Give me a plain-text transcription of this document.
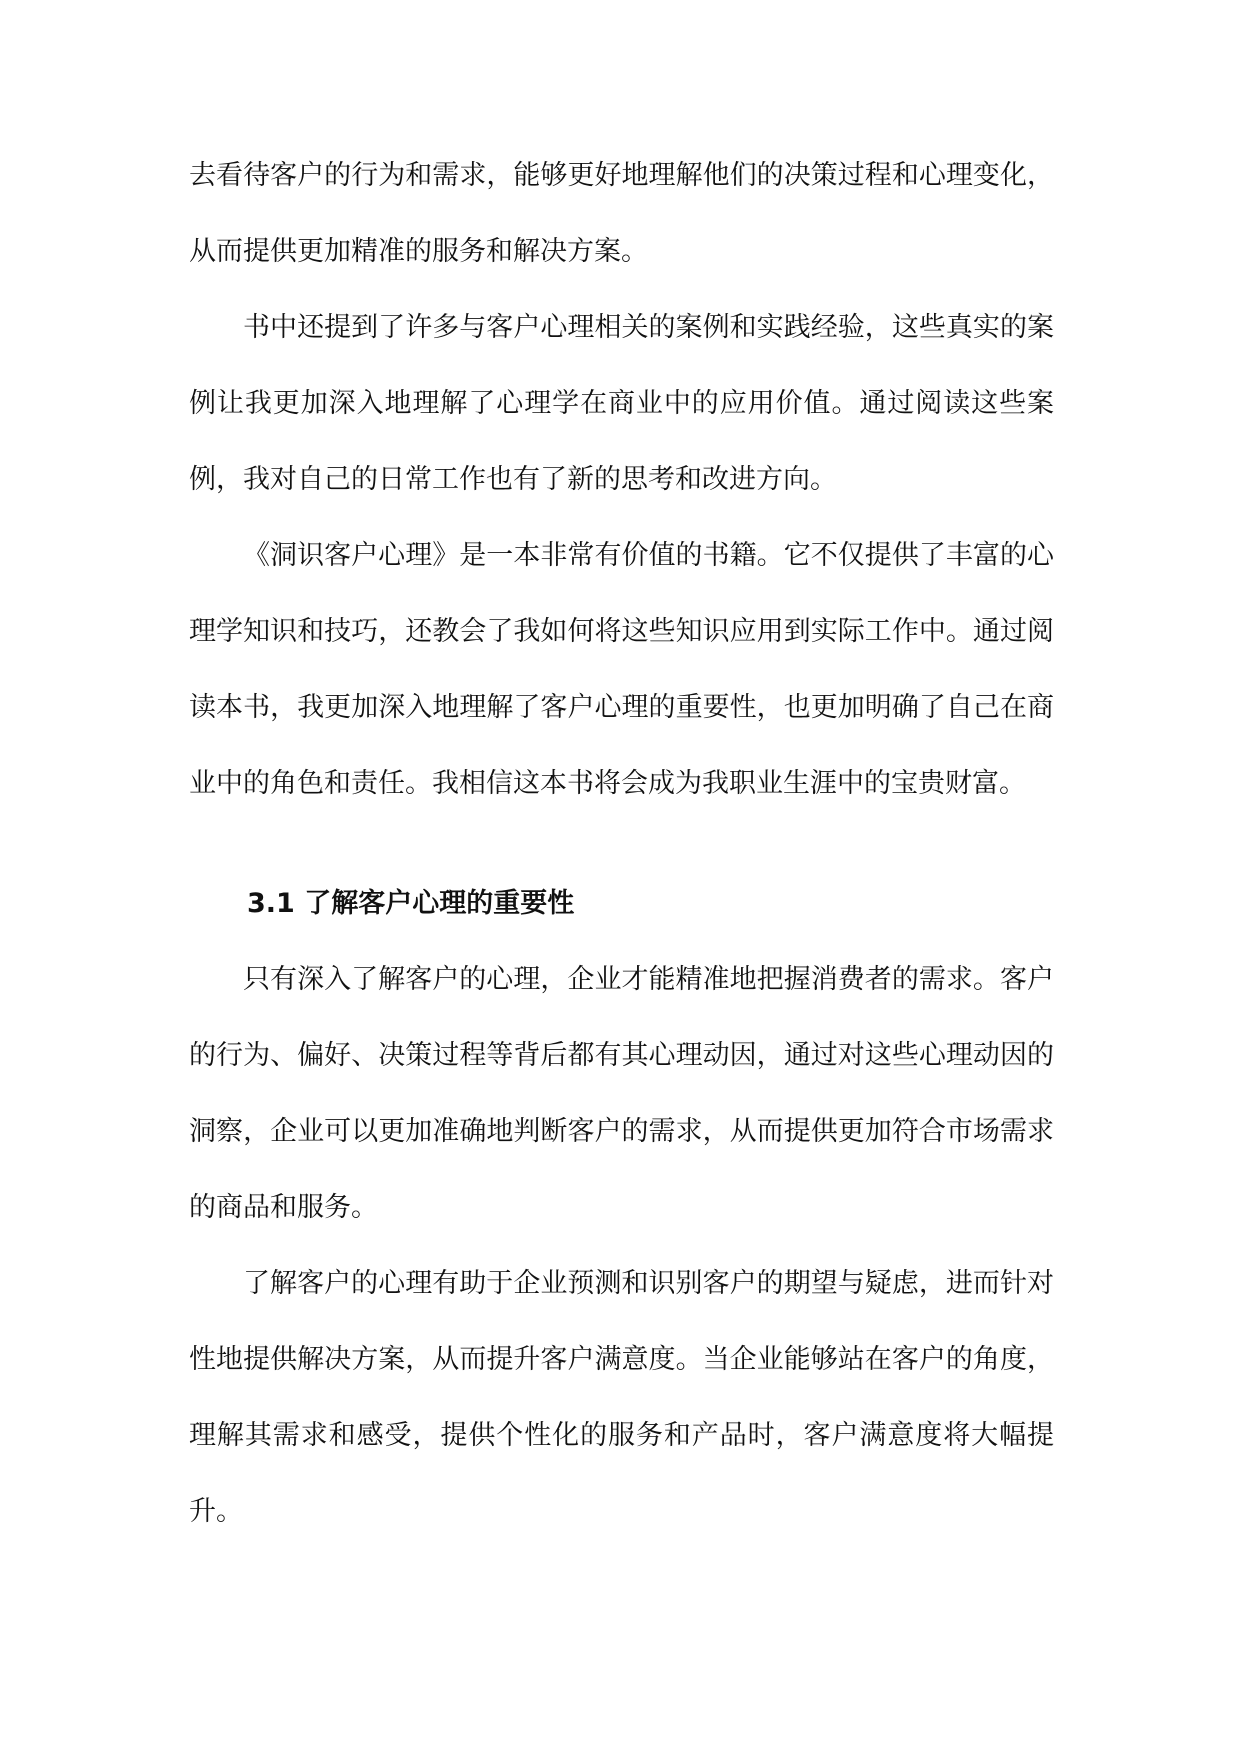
去看待客户的行为和需求，能够更好地理解他们的决策过程和心理变化，从而提供更加精准的服务和解决方案。

书中还提到了许多与客户心理相关的案例和实践经验，这些真实的案例让我更加深入地理解了心理学在商业中的应用价值。通过阅读这些案例，我对自己的日常工作也有了新的思考和改进方向。

《洞识客户心理》是一本非常有价值的书籍。它不仅提供了丰富的心理学知识和技巧，还教会了我如何将这些知识应用到实际工作中。通过阅读本书，我更加深入地理解了客户心理的重要性，也更加明确了自己在商业中的角色和责任。我相信这本书将会成为我职业生涯中的宝贵财富。

3.1 了解客户心理的重要性

只有深入了解客户的心理，企业才能精准地把握消费者的需求。客户的行为、偏好、决策过程等背后都有其心理动因，通过对这些心理动因的洞察，企业可以更加准确地判断客户的需求，从而提供更加符合市场需求的商品和服务。

了解客户的心理有助于企业预测和识别客户的期望与疑虑，进而针对性地提供解决方案，从而提升客户满意度。当企业能够站在客户的角度，理解其需求和感受，提供个性化的服务和产品时，客户满意度将大幅提升。
